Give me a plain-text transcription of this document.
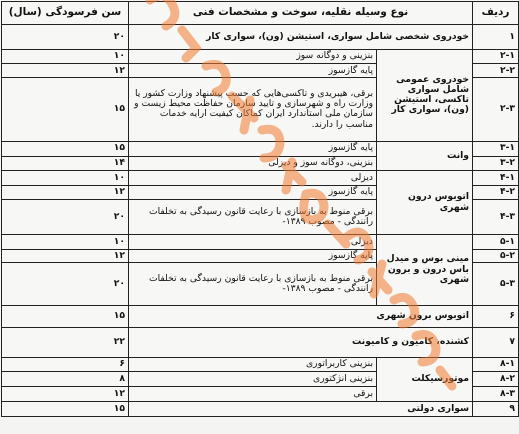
ردیف	نوع وسیله نقلیه، سوخت و مشخصات فنی		سن فرسودگی (سال)
۱	خودروی شخصی شامل سواری، استیشن (ون)، سواری کار		۲۰
۲-۱	خودروی عمومی شامل سواری تاکسی، استیشن (ون)، سواری کار	بنزینی و دوگانه سوز	۱۰
۲-۲		پایه گازسوز	۱۲
۲-۳		برقی، هیبریدی و تاکسی‌هایی که حسب پیشنهاد وزارت کشور یا وزارت راه و شهرسازی و تایید سازمان حفاظت محیط زیست و سازمان ملی استاندارد ایران کماکان کیفیت ارایه خدمات مناسب را دارند.	۱۵
۳-۱	وانت	پایه گازسوز	۱۵
۳-۲		بنزینی، دوگانه سوز و دیزلی	۱۴
۴-۱	اتوبوس درون شهری	دیزلی	۱۰
۴-۲		پایه گازسوز	۱۲
۴-۳		برقی منوط به بازسازی با رعایت قانون رسیدگی به تخلفات رانندگی - مصوب ۱۳۸۹-	۲۰
۵-۱	مینی بوس و میدل باس درون و برون شهری	دیزلی	۱۰
۵-۲		پایه گازسوز	۱۲
۵-۳		برقی منوط به بازسازی با رعایت قانون رسیدگی به تخلفات رانندگی - مصوب ۱۳۸۹-	۲۰
۶	اتوبوس برون شهری		۱۵
۷	کشنده، کامیون و کامیونت		۲۲
۸-۱	موتورسیکلت	بنزینی کاربراتوری	۶
۸-۲		بنزینی انژکتوری	۸
۸-۳		برقی	۱۲
۹	سواری دولتی		۱۵
